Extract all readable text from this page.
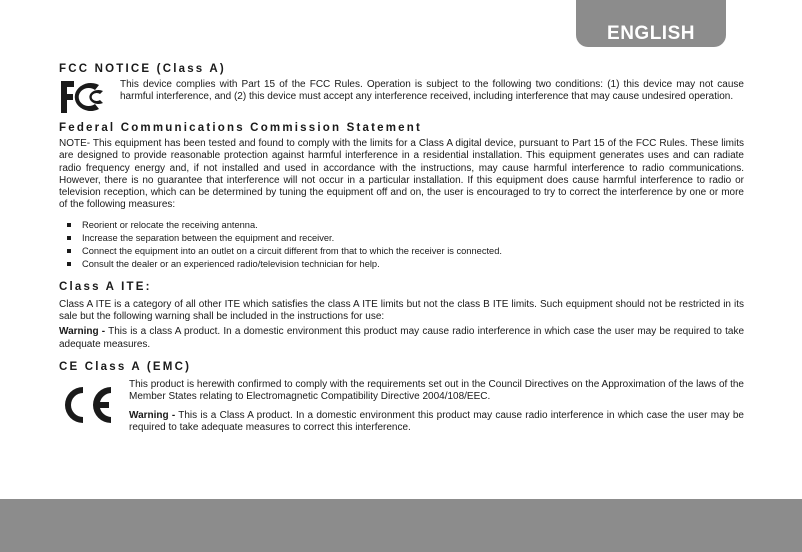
ENGLISH
FCC NOTICE (Class A)

This device complies with Part 15 of the FCC Rules. Operation is subject to the following two conditions: (1) this device may not cause harmful interference, and (2) this device must accept any interference received, including interference that may cause undesired operation.

Federal Communications Commission Statement

NOTE- This equipment has been tested and found to comply with the limits for a Class A digital device, pursuant to Part 15 of the FCC Rules. These limits are designed to provide reasonable protection against harmful interference in a residential installation. This equipment generates uses and can radiate radio frequency energy and, if not installed and used in accordance with the instructions, may cause harmful interference to radio communications. However, there is no guarantee that interference will not occur in a particular installation. If this equipment does cause harmful interference to radio or television reception, which can be determined by tuning the equipment off and on, the user is encouraged to try to correct the interference by one or more of the following measures:

Reorient or relocate the receiving antenna.
Increase the separation between the equipment and receiver.
Connect the equipment into an outlet on a circuit different from that to which the receiver is connected.
Consult the dealer or an experienced radio/television technician for help.
Class A ITE:

Class A ITE is a category of all other ITE which satisfies the class A ITE limits but not the class B ITE limits. Such equipment should not be restricted in its sale but the following warning shall be included in the instructions for use:

Warning - This is a class A product. In a domestic environment this product may cause radio interference in which case the user may be required to take adequate measures.

CE Class A (EMC)

This product is herewith confirmed to comply with the requirements set out in the Council Directives on the Approximation of the laws of the Member States relating to Electromagnetic Compatibility Directive 2004/108/EEC.

Warning - This is a Class A product. In a domestic environment this product may cause radio interference in which case the user may be required to take adequate measures to correct this interference.
